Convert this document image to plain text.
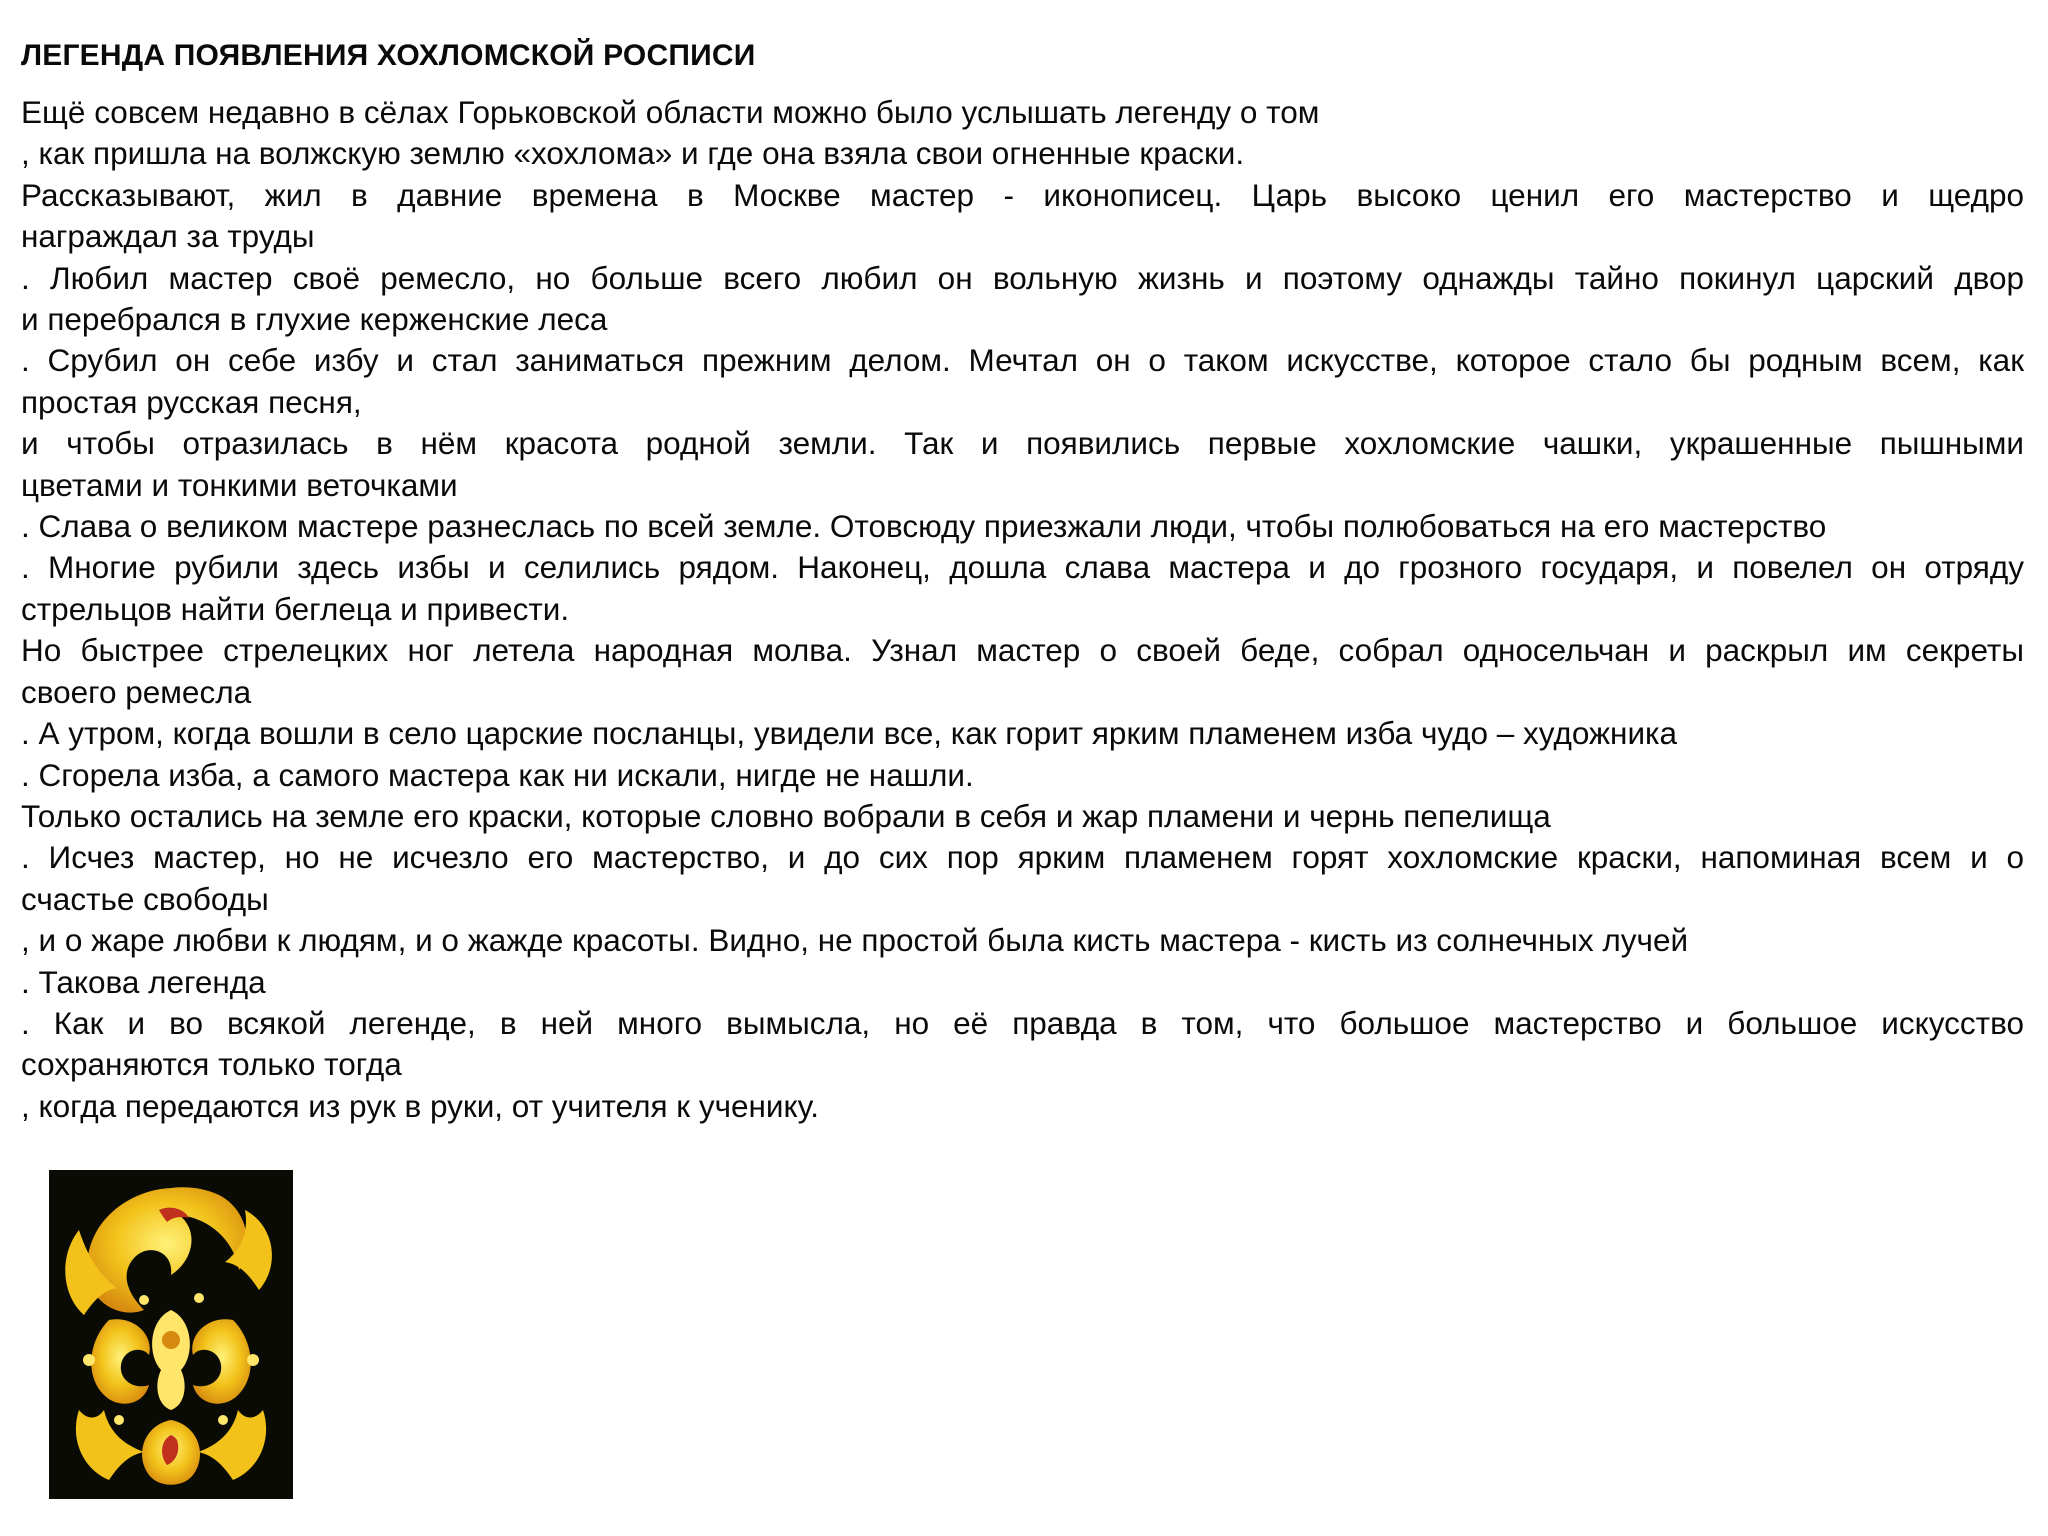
ЛЕГЕНДА ПОЯВЛЕНИЯ ХОХЛОМСКОЙ РОСПИСИ
Ещё совсем недавно в сёлах Горьковской области можно было услышать легенду о том
, как пришла на волжскую землю «хохлома» и где она взяла свои огненные краски.
Рассказывают, жил в давние времена в Москве мастер - иконописец. Царь высоко ценил его мастерство и щедро
награждал за труды
. Любил мастер своё ремесло, но больше всего любил он вольную жизнь и поэтому однажды тайно покинул царский двор
и перебрался в глухие керженские леса
. Срубил он себе избу и стал заниматься прежним делом. Мечтал он о таком искусстве, которое стало бы родным всем, как
простая русская песня,
и чтобы отразилась в нём красота родной земли. Так и появились первые хохломские чашки, украшенные пышными
цветами и тонкими веточками
. Слава о великом мастере разнеслась по всей земле. Отовсюду приезжали люди, чтобы полюбоваться на его мастерство
. Многие рубили здесь избы и селились рядом. Наконец, дошла слава мастера и до грозного государя, и повелел он отряду
стрельцов найти беглеца и привести.
Но быстрее стрелецких ног летела народная молва. Узнал мастер о своей беде, собрал односельчан и раскрыл им секреты
своего ремесла
. А утром, когда вошли в село царские посланцы, увидели все, как горит ярким пламенем изба чудо – художника
. Сгорела изба, а самого мастера как ни искали, нигде не нашли.
Только остались на земле его краски, которые словно вобрали в себя и жар пламени и чернь пепелища
. Исчез мастер, но не исчезло его мастерство, и до сих пор ярким пламенем горят хохломские краски, напоминая всем и о
счастье свободы
, и о жаре любви к людям, и о жажде красоты. Видно, не простой была кисть мастера - кисть из солнечных лучей
. Такова легенда
. Как и во всякой легенде, в ней много вымысла, но её правда в том, что большое мастерство и большое искусство
сохраняются только тогда
, когда передаются из рук в руки, от учителя к ученику.
